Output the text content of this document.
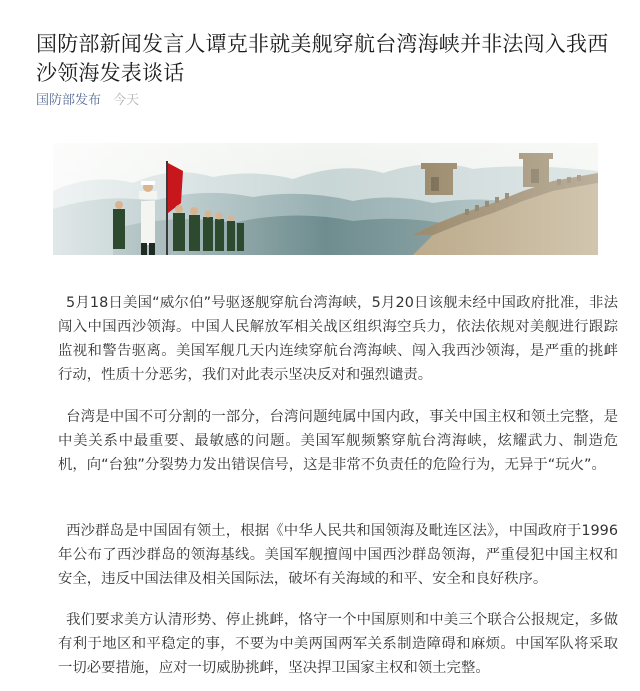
国防部新闻发言人谭克非就美舰穿航台湾海峡并非法闯入我西沙领海发表谈话
国防部发布 今天

5月18日美国“威尔伯”号驱逐舰穿航台湾海峡，5月20日该舰未经中国政府批准，非法闯入中国西沙领海。中国人民解放军相关战区组织海空兵力，依法依规对美舰进行跟踪监视和警告驱离。美国军舰几天内连续穿航台湾海峡、闯入我西沙领海，是严重的挑衅行动，性质十分恶劣，我们对此表示坚决反对和强烈谴责。

台湾是中国不可分割的一部分，台湾问题纯属中国内政，事关中国主权和领土完整，是中美关系中最重要、最敏感的问题。美国军舰频繁穿航台湾海峡，炫耀武力、制造危机，向“台独”分裂势力发出错误信号，这是非常不负责任的危险行为，无异于“玩火”。

西沙群岛是中国固有领土，根据《中华人民共和国领海及毗连区法》，中国政府于1996年公布了西沙群岛的领海基线。美国军舰擅闯中国西沙群岛领海，严重侵犯中国主权和安全，违反中国法律及相关国际法，破坏有关海域的和平、安全和良好秩序。

我们要求美方认清形势、停止挑衅，恪守一个中国原则和中美三个联合公报规定，多做有利于地区和平稳定的事，不要为中美两国两军关系制造障碍和麻烦。中国军队将采取一切必要措施，应对一切威胁挑衅，坚决捍卫国家主权和领土完整。
